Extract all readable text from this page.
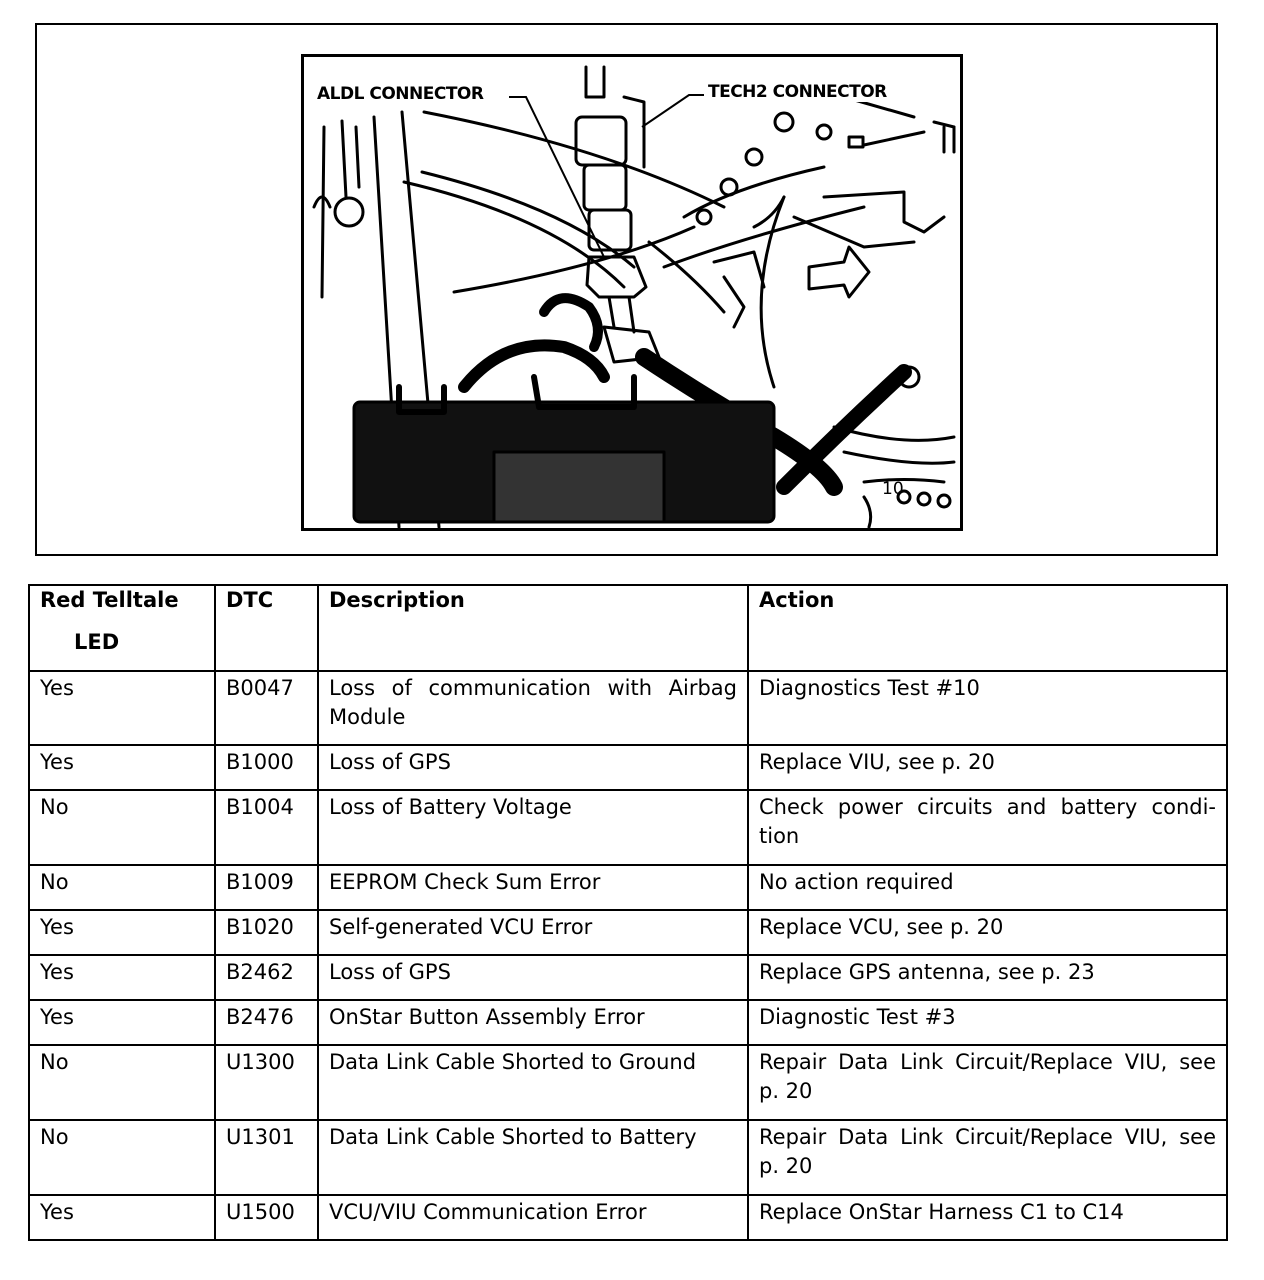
ALDL CONNECTOR	TECH2 CONNECTOR
10
Red Telltale
LED	DTC	Description	Action
Yes	B0047	Loss of communication with Airbag Module	Diagnostics Test #10
Yes	B1000	Loss of GPS	Replace VIU, see p. 20
No	B1004	Loss of Battery Voltage	Check power circuits and battery condi-tion
No	B1009	EEPROM Check Sum Error	No action required
Yes	B1020	Self-generated VCU Error	Replace VCU, see p. 20
Yes	B2462	Loss of GPS	Replace GPS antenna, see p. 23
Yes	B2476	OnStar Button Assembly Error	Diagnostic Test #3
No	U1300	Data Link Cable Shorted to Ground	Repair Data Link Circuit/Replace VIU, see p. 20
No	U1301	Data Link Cable Shorted to Battery	Repair Data Link Circuit/Replace VIU, see p. 20
Yes	U1500	VCU/VIU Communication Error	Replace OnStar Harness C1 to C14
